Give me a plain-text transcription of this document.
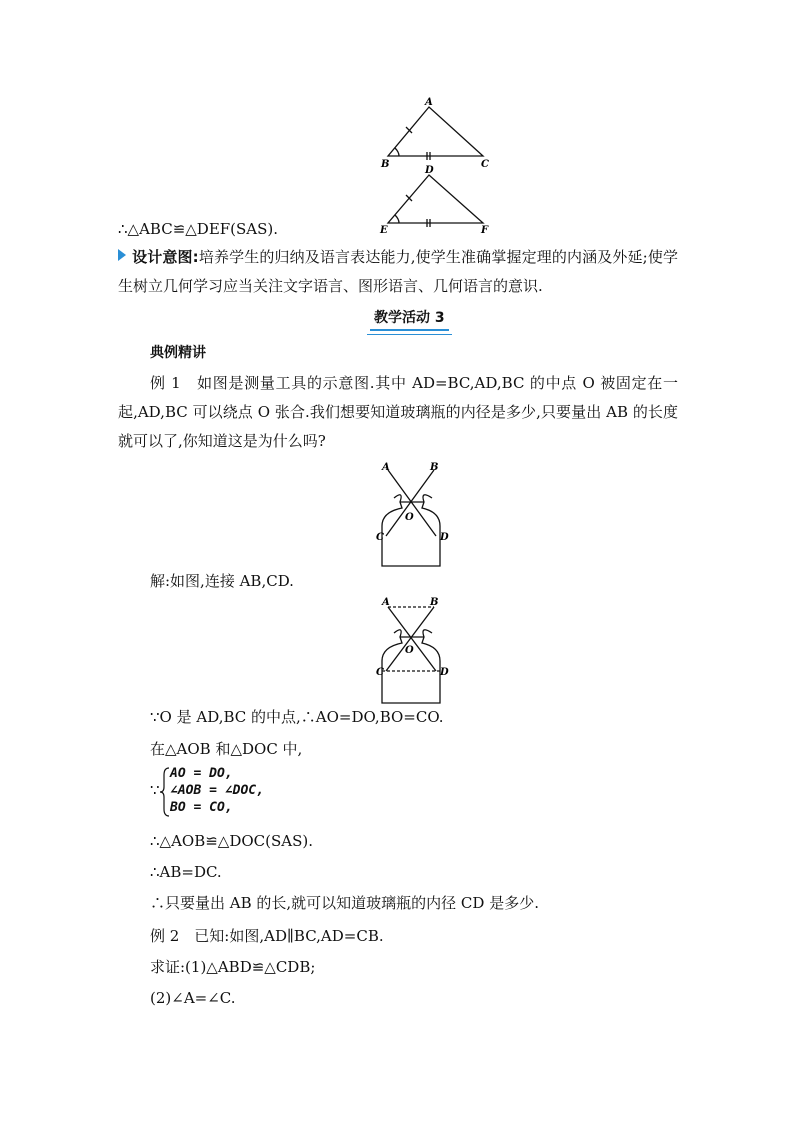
A
B	C
D
E	F
∴△ABC≌△DEF(SAS).
设计意图:培养学生的归纳及语言表达能力,使学生准确掌握定理的内涵及外延;使学生树立几何学习应当关注文字语言、图形语言、几何语言的意识.
教学活动 3
典例精讲
例 1　如图是测量工具的示意图.其中 AD=BC,AD,BC 的中点 O 被固定在一起,AD,BC 可以绕点 O 张合.我们想要知道玻璃瓶的内径是多少,只要量出 AB 的长度就可以了,你知道这是为什么吗?
A	B
O
C	D
解:如图,连接 AB,CD.
A	B
O
C	D
∵O 是 AD,BC 的中点,∴AO=DO,BO=CO.
在△AOB 和△DOC 中,
∵
AO = DO,
∠AOB = ∠DOC,
BO = CO,
∴△AOB≌△DOC(SAS).
∴AB=DC.
∴只要量出 AB 的长,就可以知道玻璃瓶的内径 CD 是多少.
例 2　已知:如图,AD∥BC,AD=CB.
求证:(1)△ABD≌△CDB;
(2)∠A=∠C.
